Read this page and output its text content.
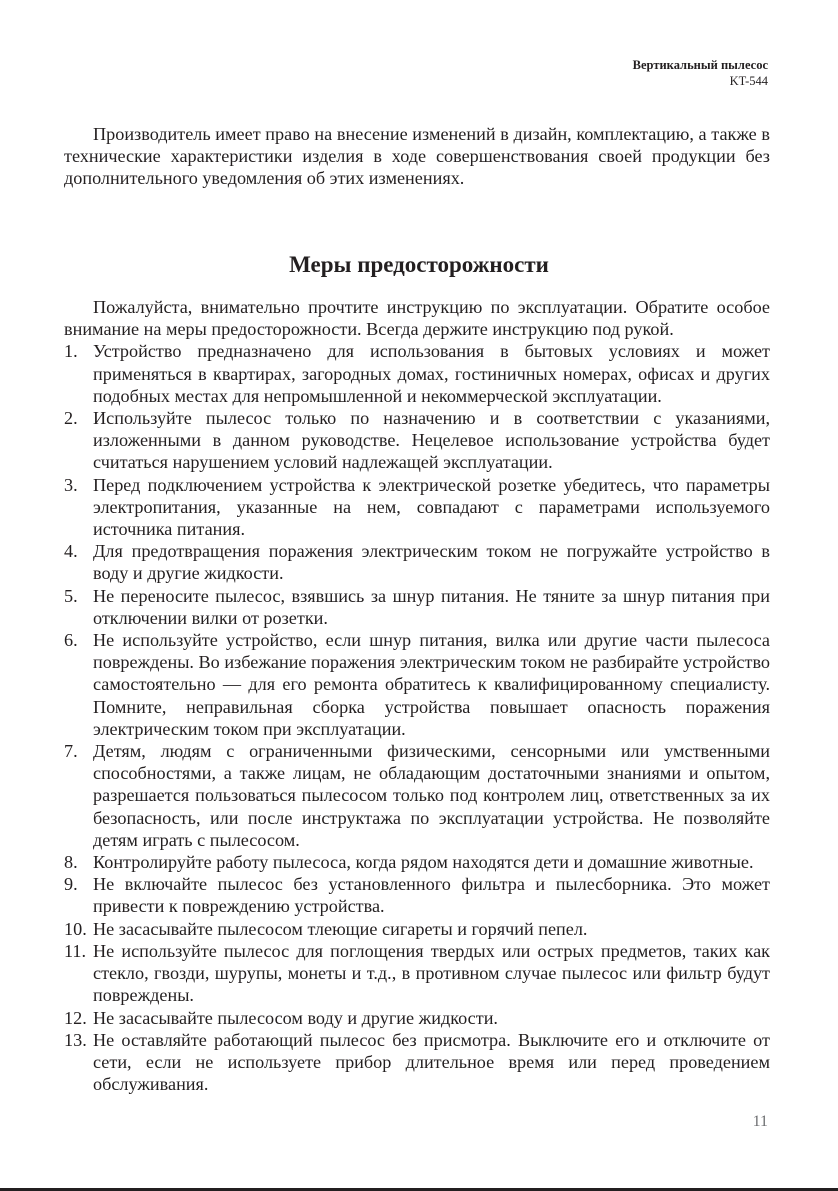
Вертикальный пылесос
KT-544

Производитель имеет право на внесение изменений в дизайн, комплектацию, а также в технические характеристики изделия в ходе совершенствования своей продукции без дополнительного уведомления об этих изменениях.

Меры предосторожности

Пожалуйста, внимательно прочтите инструкцию по эксплуатации. Обратите особое внимание на меры предосторожности. Всегда держите инструкцию под рукой.

1. Устройство предназначено для использования в бытовых условиях и может применяться в квартирах, загородных домах, гостиничных номерах, офисах и других подобных местах для непромышленной и некоммерческой эксплуатации.
2. Используйте пылесос только по назначению и в соответствии с указаниями, изложенными в данном руководстве. Нецелевое использование устройства будет считаться нарушением условий надлежащей эксплуатации.
3. Перед подключением устройства к электрической розетке убедитесь, что параметры электропитания, указанные на нем, совпадают с параметрами используемого источника питания.
4. Для предотвращения поражения электрическим током не погружайте устройство в воду и другие жидкости.
5. Не переносите пылесос, взявшись за шнур питания. Не тяните за шнур питания при отключении вилки от розетки.
6. Не используйте устройство, если шнур питания, вилка или другие части пылесоса повреждены. Во избежание поражения электрическим током не разбирайте устройство самостоятельно — для его ремонта обратитесь к квалифицированному специалисту. Помните, неправильная сборка устройства повышает опасность поражения электрическим током при эксплуатации.
7. Детям, людям с ограниченными физическими, сенсорными или умственными способностями, а также лицам, не обладающим достаточными знаниями и опытом, разрешается пользоваться пылесосом только под контролем лиц, ответственных за их безопасность, или после инструктажа по эксплуатации устройства. Не позволяйте детям играть с пылесосом.
8. Контролируйте работу пылесоса, когда рядом находятся дети и домашние животные.
9. Не включайте пылесос без установленного фильтра и пылесборника. Это может привести к повреждению устройства.
10. Не засасывайте пылесосом тлеющие сигареты и горячий пепел.
11. Не используйте пылесос для поглощения твердых или острых предметов, таких как стекло, гвозди, шурупы, монеты и т.д., в противном случае пылесос или фильтр будут повреждены.
12. Не засасывайте пылесосом воду и другие жидкости.
13. Не оставляйте работающий пылесос без присмотра. Выключите его и отключите от сети, если не используете прибор длительное время или перед проведением обслуживания.
11
